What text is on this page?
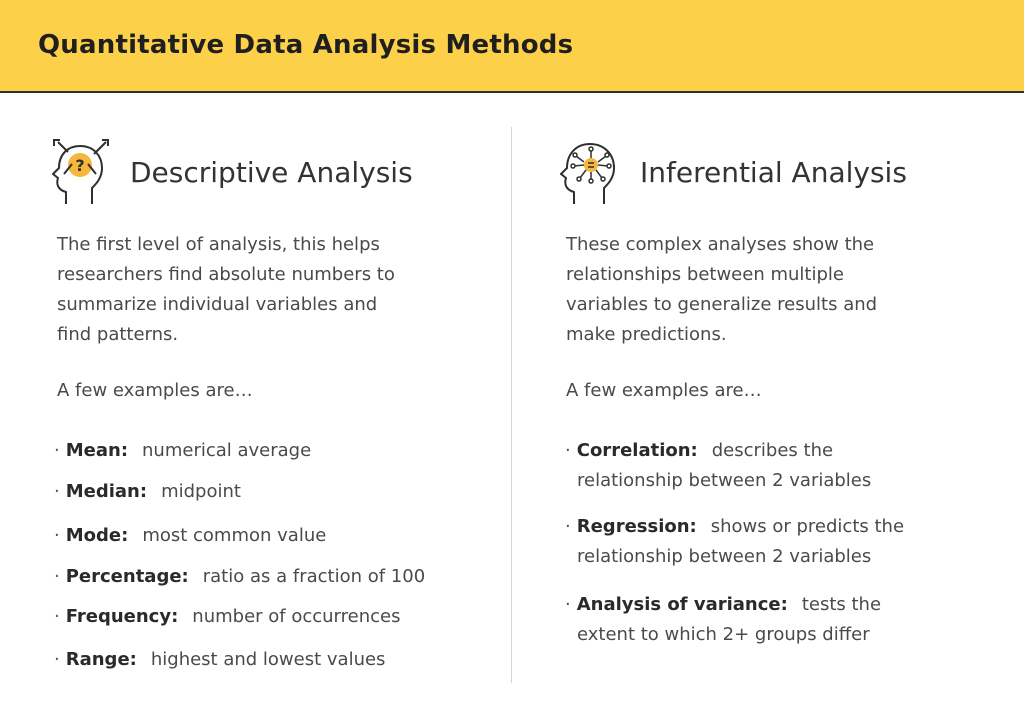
Quantitative Data Analysis Methods
? Descriptive Analysis
The first level of analysis, this helps
researchers find absolute numbers to
summarize individual variables and
find patterns.
A few examples are…
· Mean: numerical average
· Median: midpoint
· Mode: most common value
· Percentage: ratio as a fraction of 100
· Frequency: number of occurrences
· Range: highest and lowest values
Inferential Analysis
These complex analyses show the
relationships between multiple
variables to generalize results and
make predictions.
A few examples are…
· Correlation: describes the
relationship between 2 variables
· Regression: shows or predicts the
relationship between 2 variables
· Analysis of variance: tests the
extent to which 2+ groups differ
